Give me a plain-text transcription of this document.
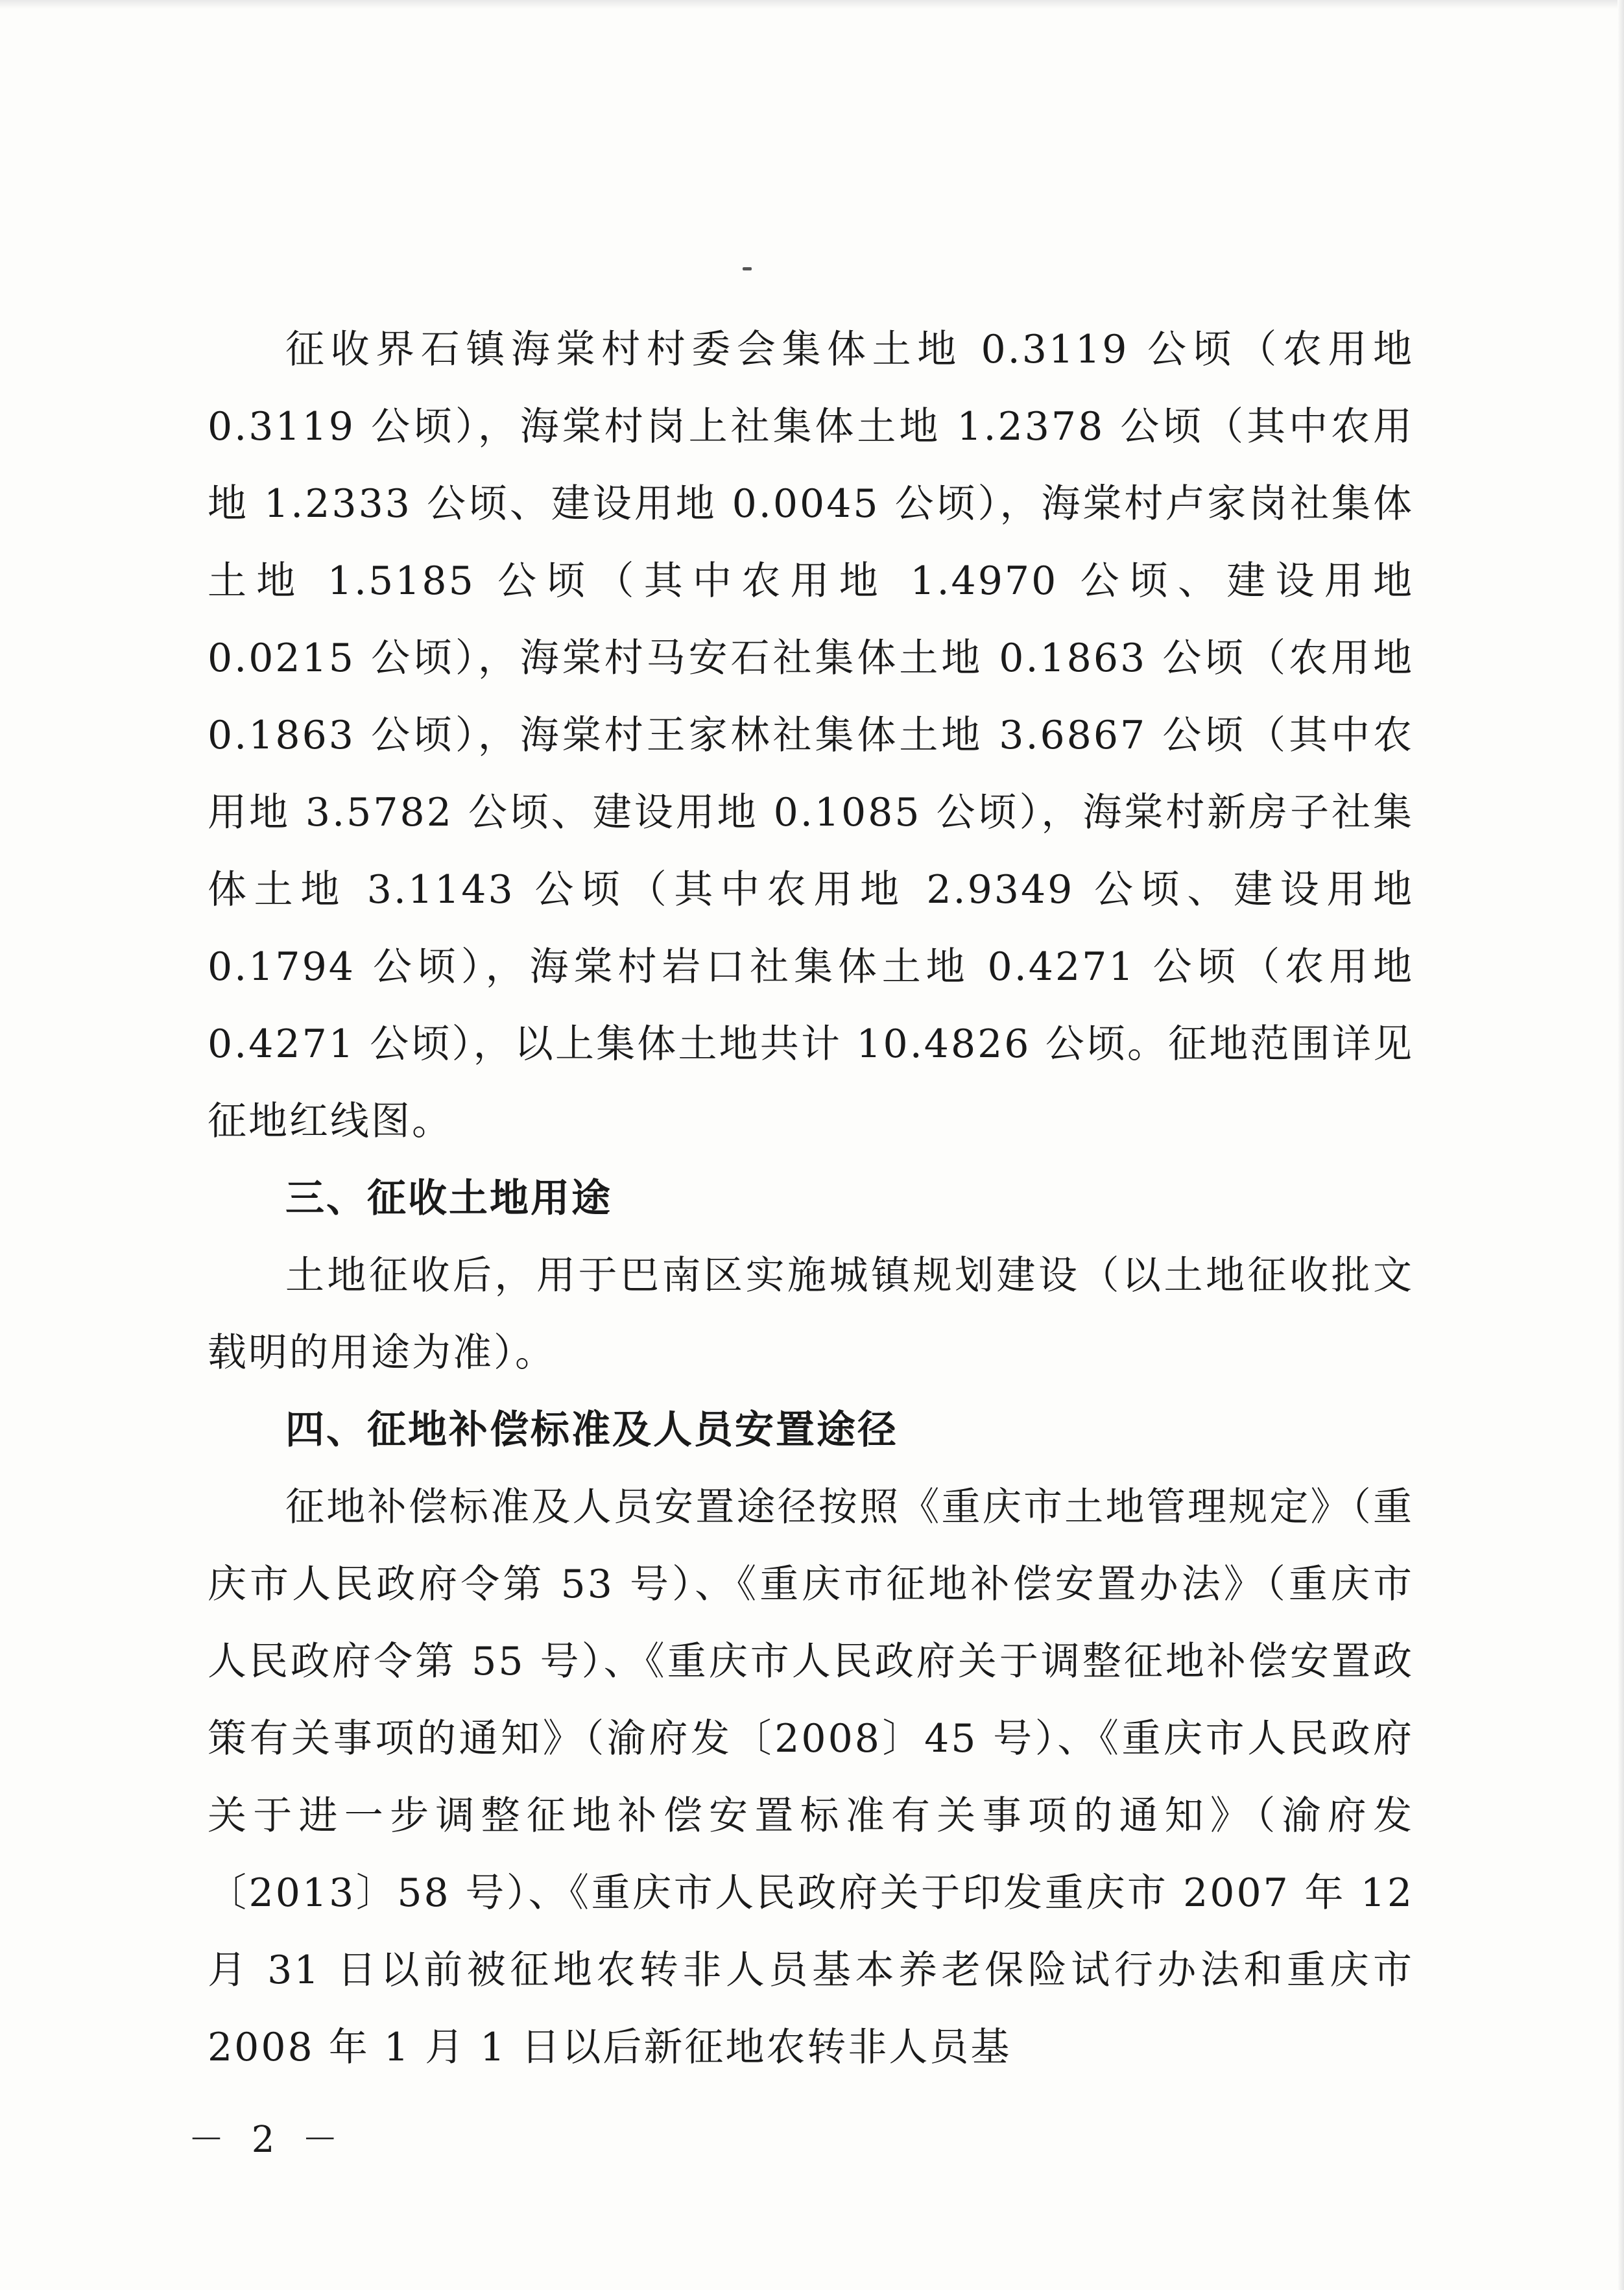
征收界石镇海棠村村委会集体土地 0.3119 公顷（农用地 0.3119 公顷），海棠村岗上社集体土地 1.2378 公顷（其中农用地 1.2333 公顷、建设用地 0.0045 公顷），海棠村卢家岗社集体土地 1.5185 公顷（其中农用地 1.4970 公顷、建设用地 0.0215 公顷），海棠村马安石社集体土地 0.1863 公顷（农用地 0.1863 公顷），海棠村王家林社集体土地 3.6867 公顷（其中农用地 3.5782 公顷、建设用地 0.1085 公顷），海棠村新房子社集体土地 3.1143 公顷（其中农用地 2.9349 公顷、建设用地 0.1794 公顷），海棠村岩口社集体土地 0.4271 公顷（农用地 0.4271 公顷），以上集体土地共计 10.4826 公顷。征地范围详见征地红线图。

三、征收土地用途

土地征收后，用于巴南区实施城镇规划建设（以土地征收批文载明的用途为准）。

四、征地补偿标准及人员安置途径

征地补偿标准及人员安置途径按照《重庆市土地管理规定》（重庆市人民政府令第 53 号）、《重庆市征地补偿安置办法》（重庆市人民政府令第 55 号）、《重庆市人民政府关于调整征地补偿安置政策有关事项的通知》（渝府发〔2008〕45 号）、《重庆市人民政府关于进一步调整征地补偿安置标准有关事项的通知》（渝府发〔2013〕58 号）、《重庆市人民政府关于印发重庆市 2007 年 12 月 31 日以前被征地农转非人员基本养老保险试行办法和重庆市 2008 年 1 月 1 日以后新征地农转非人员基

－ 2 －
